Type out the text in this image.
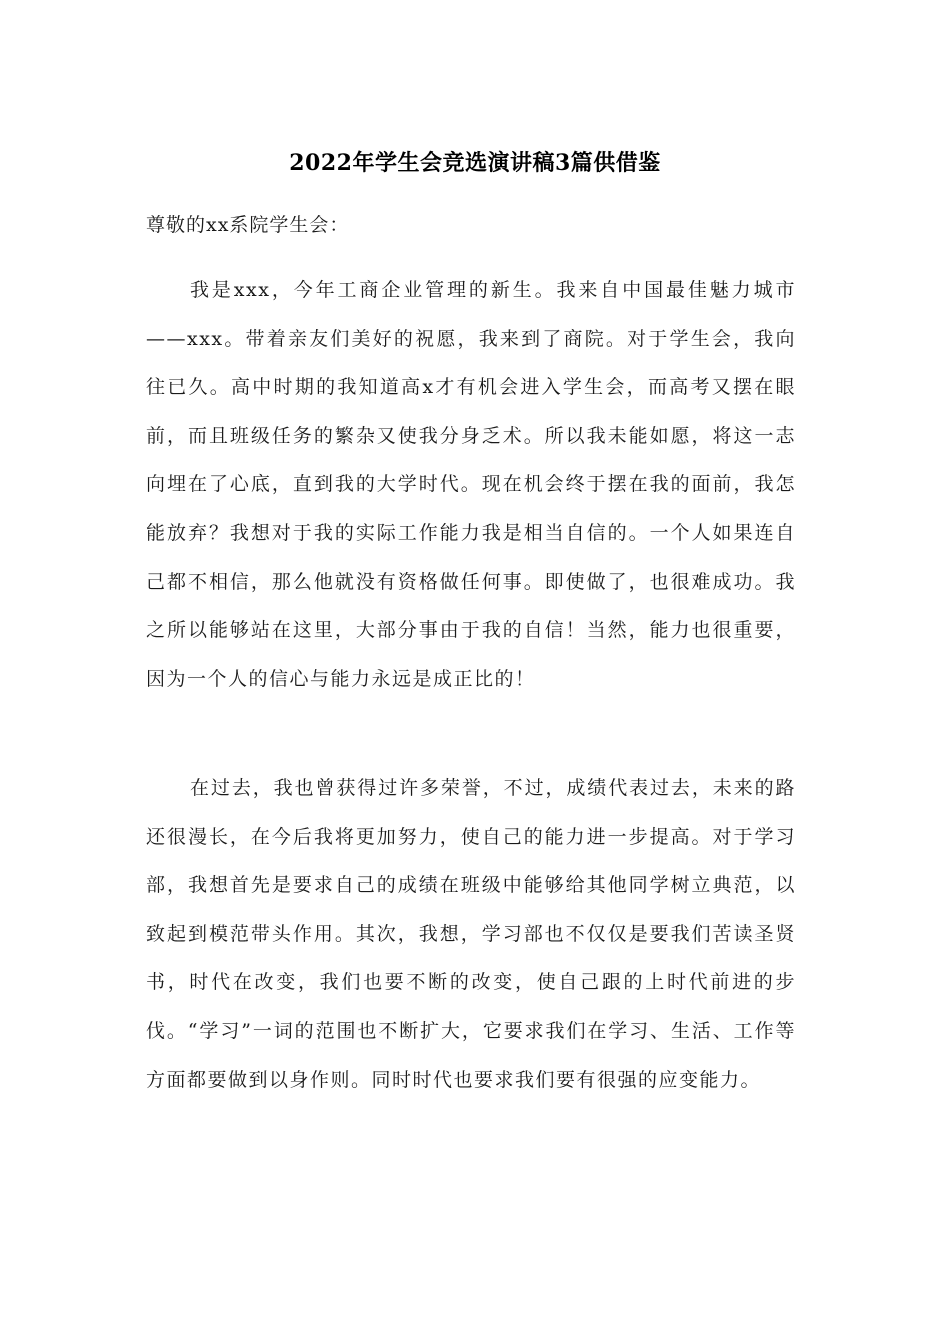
2022年学生会竞选演讲稿3篇供借鉴
尊敬的xx系院学生会：

我是xxx，今年工商企业管理的新生。我来自中国最佳魅力城市——xxx。带着亲友们美好的祝愿，我来到了商院。对于学生会，我向往已久。高中时期的我知道高x才有机会进入学生会，而高考又摆在眼前，而且班级任务的繁杂又使我分身乏术。所以我未能如愿，将这一志向埋在了心底，直到我的大学时代。现在机会终于摆在我的面前，我怎能放弃？我想对于我的实际工作能力我是相当自信的。一个人如果连自己都不相信，那么他就没有资格做任何事。即使做了，也很难成功。我之所以能够站在这里，大部分事由于我的自信！当然，能力也很重要，因为一个人的信心与能力永远是成正比的！

在过去，我也曾获得过许多荣誉，不过，成绩代表过去，未来的路还很漫长，在今后我将更加努力，使自己的能力进一步提高。对于学习部，我想首先是要求自己的成绩在班级中能够给其他同学树立典范，以致起到模范带头作用。其次，我想，学习部也不仅仅是要我们苦读圣贤书，时代在改变，我们也要不断的改变，使自己跟的上时代前进的步伐。“学习”一词的范围也不断扩大，它要求我们在学习、生活、工作等方面都要做到以身作则。同时时代也要求我们要有很强的应变能力。
